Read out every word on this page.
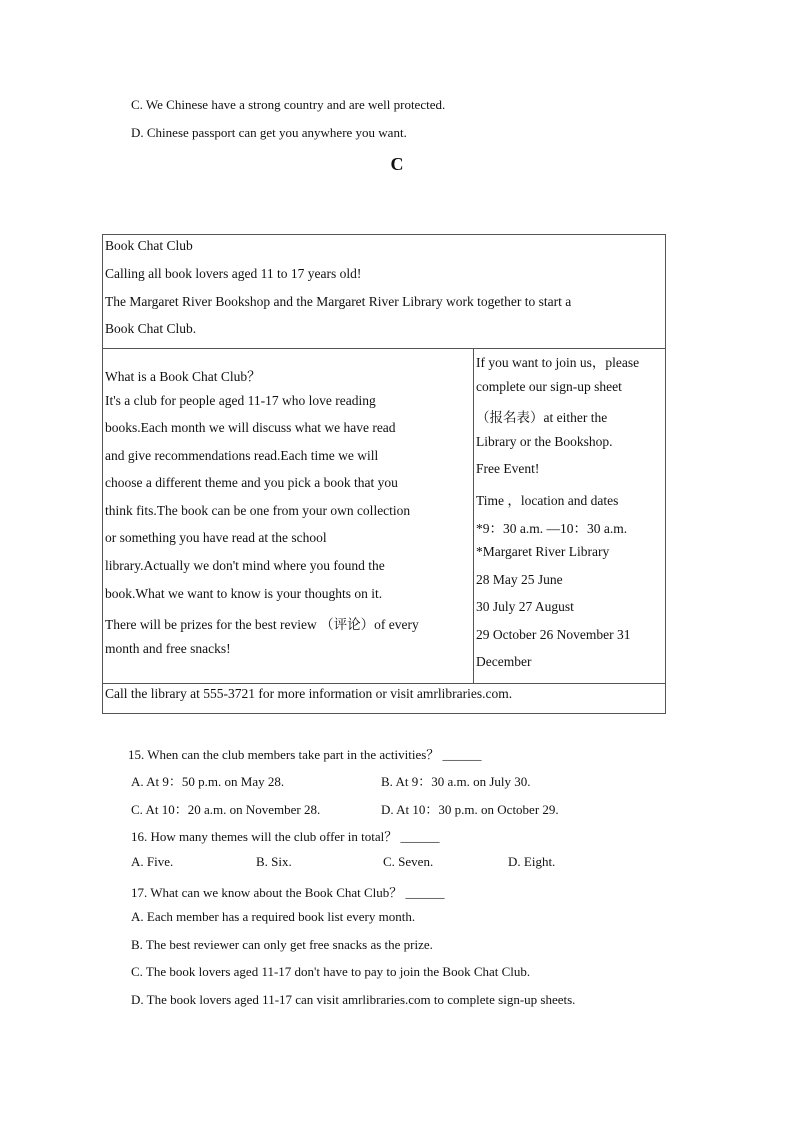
C. We Chinese have a strong country and are well protected.
D. Chinese passport can get you anywhere you want.
C
Book Chat Club
Calling all book lovers aged 11 to 17 years old!
The Margaret River Bookshop and the Margaret River Library work together to start a
Book Chat Club.
What is a Book Chat Club？
It's a club for people aged 11-17 who love reading
books.Each month we will discuss what we have read
and give recommendations read.Each time we will
choose a different theme and you pick a book that you
think fits.The book can be one from your own collection
or something you have read at the school
library.Actually we don't mind where you found the
book.What we want to know is your thoughts on it.
There will be prizes for the best review （评论）of every
month and free snacks!
If you want to join us，please
complete our sign-up sheet
（报名表）at either the
Library or the Bookshop.
Free Event!
Time ，location and dates
*9：30 a.m. —10：30 a.m.
*Margaret River Library
28 May 25 June
30 July 27 August
29 October 26 November 31
December
Call the library at 555-3721 for more information or visit amrlibraries.com.
15. When can the club members take part in the activities？ ______
A. At 9：50 p.m. on May 28.	B. At 9：30 a.m. on July 30.
C. At 10：20 a.m. on November 28.	D. At 10：30 p.m. on October 29.
16. How many themes will the club offer in total？ ______
A. Five.	B. Six.	C. Seven.	D. Eight.
17. What can we know about the Book Chat Club？ ______
A. Each member has a required book list every month.
B. The best reviewer can only get free snacks as the prize.
C. The book lovers aged 11-17 don't have to pay to join the Book Chat Club.
D. The book lovers aged 11-17 can visit amrlibraries.com to complete sign-up sheets.
